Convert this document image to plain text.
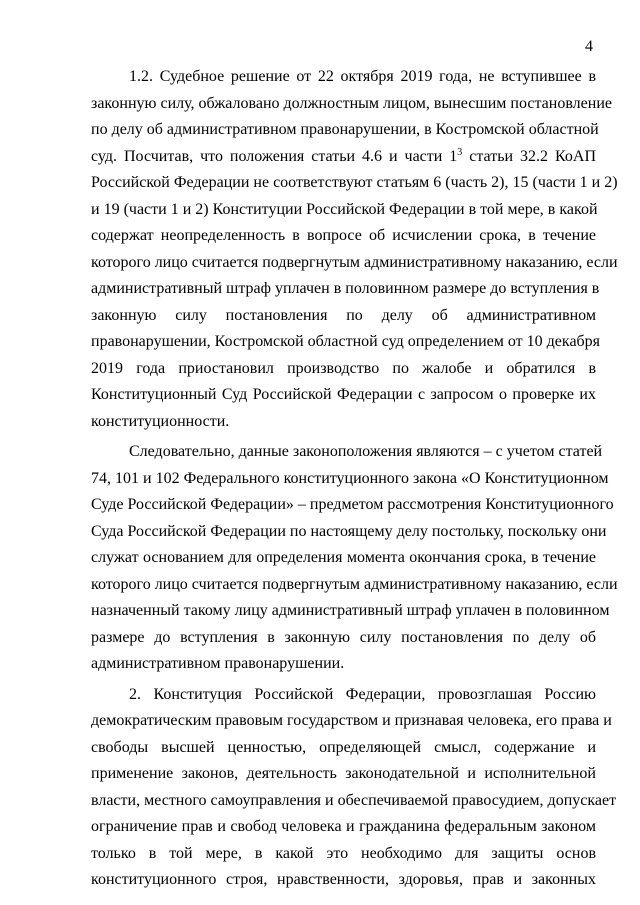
4
1.2. Судебное решение от 22 октября 2019 года, не вступившее в
законную силу, обжаловано должностным лицом, вынесшим постановление
по делу об административном правонарушении, в Костромской областной
суд. Посчитав, что положения статьи 4.6 и части $1^3$ статьи 32.2 КоАП
Российской Федерации не соответствуют статьям 6 (часть 2), 15 (части 1 и 2)
и 19 (части 1 и 2) Конституции Российской Федерации в той мере, в какой
содержат неопределенность в вопросе об исчислении срока, в течение
которого лицо считается подвергнутым административному наказанию, если
административный штраф уплачен в половинном размере до вступления в
законную силу постановления по делу об административном
правонарушении, Костромской областной суд определением от 10 декабря
2019 года приостановил производство по жалобе и обратился в
Конституционный Суд Российской Федерации с запросом о проверке их
конституционности.
Следовательно, данные законоположения являются – с учетом статей
74, 101 и 102 Федерального конституционного закона «О Конституционном
Суде Российской Федерации» – предметом рассмотрения Конституционного
Суда Российской Федерации по настоящему делу постольку, поскольку они
служат основанием для определения момента окончания срока, в течение
которого лицо считается подвергнутым административному наказанию, если
назначенный такому лицу административный штраф уплачен в половинном
размере до вступления в законную силу постановления по делу об
административном правонарушении.
2. Конституция Российской Федерации, провозглашая Россию
демократическим правовым государством и признавая человека, его права и
свободы высшей ценностью, определяющей смысл, содержание и
применение законов, деятельность законодательной и исполнительной
власти, местного самоуправления и обеспечиваемой правосудием, допускает
ограничение прав и свобод человека и гражданина федеральным законом
только в той мере, в какой это необходимо для защиты основ
конституционного строя, нравственности, здоровья, прав и законных
